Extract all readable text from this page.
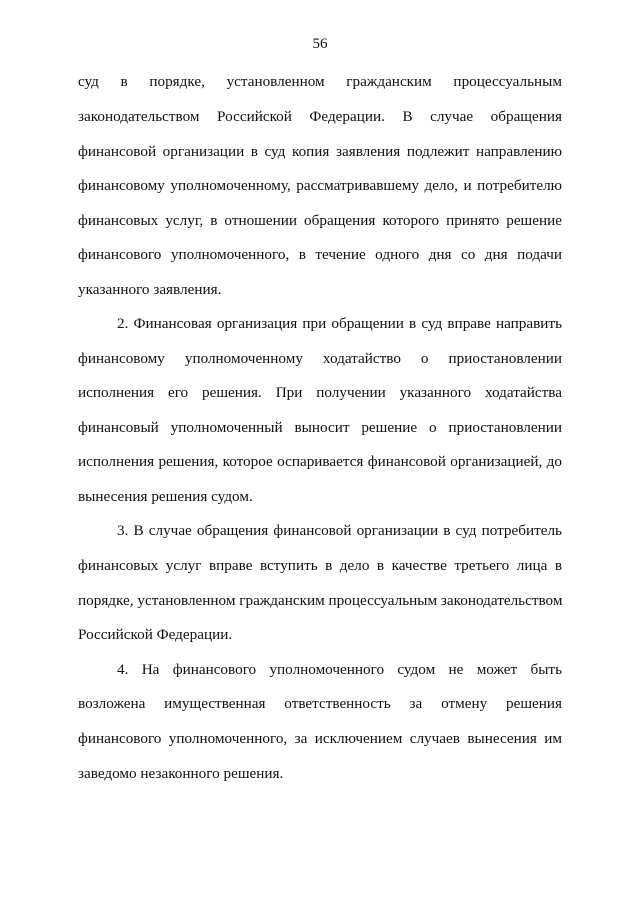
56
суд в порядке, установленном гражданским процессуальным
законодательством Российской Федерации. В случае обращения
финансовой организации в суд копия заявления подлежит направлению
финансовому уполномоченному, рассматривавшему дело, и потребителю
финансовых услуг, в отношении обращения которого принято решение
финансового уполномоченного, в течение одного дня со дня подачи
указанного заявления.
2. Финансовая организация при обращении в суд вправе направить
финансовому уполномоченному ходатайство о приостановлении
исполнения его решения. При получении указанного ходатайства
финансовый уполномоченный выносит решение о приостановлении
исполнения решения, которое оспаривается финансовой организацией, до
вынесения решения судом.
3. В случае обращения финансовой организации в суд потребитель
финансовых услуг вправе вступить в дело в качестве третьего лица в
порядке, установленном гражданским процессуальным законодательством
Российской Федерации.
4. На финансового уполномоченного судом не может быть
возложена имущественная ответственность за отмену решения
финансового уполномоченного, за исключением случаев вынесения им
заведомо незаконного решения.
